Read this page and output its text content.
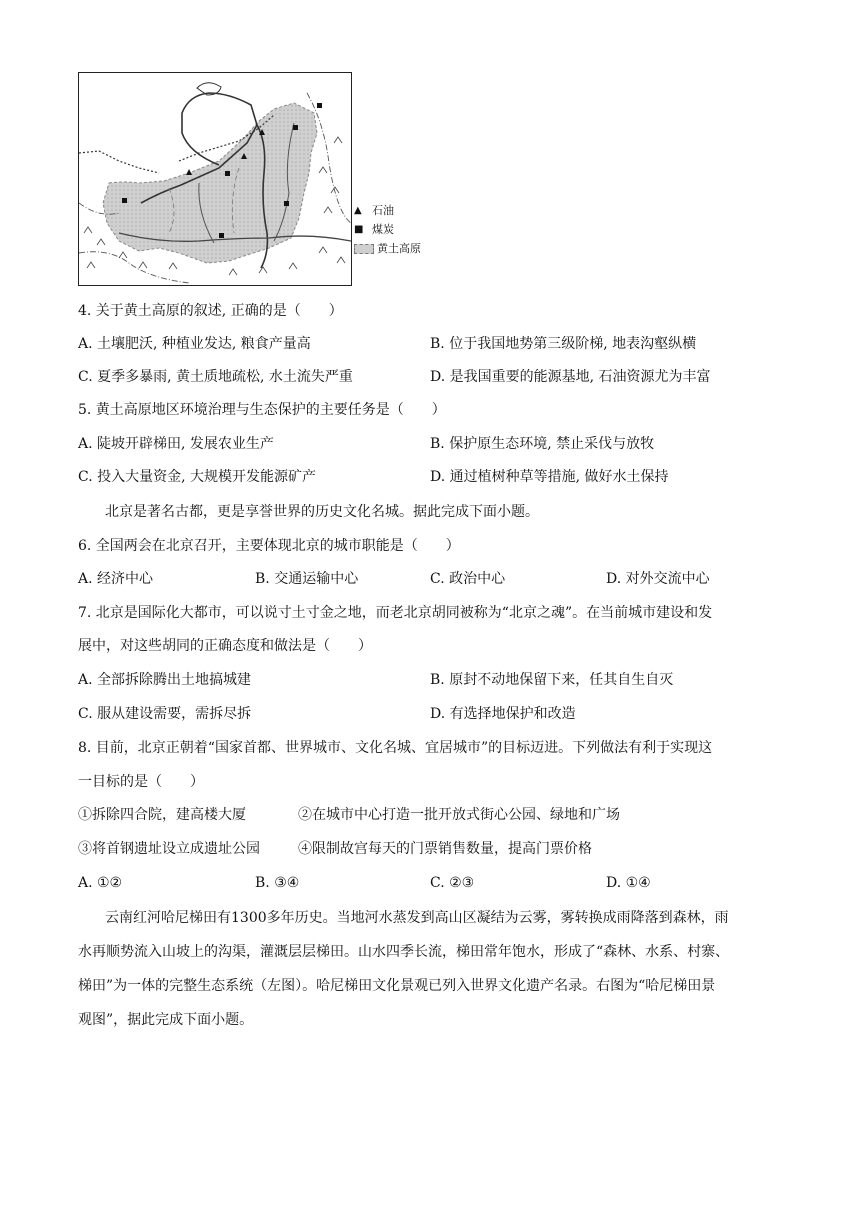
▲ 石油
■ 煤炭
黄土高原
4. 关于黄土高原的叙述, 正确的是（　　）
A. 土壤肥沃, 种植业发达, 粮食产量高	B. 位于我国地势第三级阶梯, 地表沟壑纵横
C. 夏季多暴雨, 黄土质地疏松, 水土流失严重	D. 是我国重要的能源基地, 石油资源尤为丰富
5. 黄土高原地区环境治理与生态保护的主要任务是（　　）
A. 陡坡开辟梯田, 发展农业生产	B. 保护原生态环境, 禁止采伐与放牧
C. 投入大量资金, 大规模开发能源矿产	D. 通过植树种草等措施, 做好水土保持
北京是著名古都，更是享誉世界的历史文化名城。据此完成下面小题。
6. 全国两会在北京召开，主要体现北京的城市职能是（　　）
A. 经济中心	B. 交通运输中心	C. 政治中心	D. 对外交流中心
7. 北京是国际化大都市，可以说寸土寸金之地，而老北京胡同被称为“北京之魂”。在当前城市建设和发
展中，对这些胡同的正确态度和做法是（　　）
A. 全部拆除腾出土地搞城建	B. 原封不动地保留下来，任其自生自灭
C. 服从建设需要，需拆尽拆	D. 有选择地保护和改造
8. 目前，北京正朝着“国家首都、世界城市、文化名城、宜居城市”的目标迈进。下列做法有利于实现这
一目标的是（　　）
①拆除四合院，建高楼大厦	②在城市中心打造一批开放式街心公园、绿地和广场
③将首钢遗址设立成遗址公园	④限制故宫每天的门票销售数量，提高门票价格
A. ①②	B. ③④	C. ②③	D. ①④
云南红河哈尼梯田有1300多年历史。当地河水蒸发到高山区凝结为云雾，雾转换成雨降落到森林，雨
水再顺势流入山坡上的沟渠，灌溉层层梯田。山水四季长流，梯田常年饱水，形成了“森林、水系、村寨、
梯田”为一体的完整生态系统（左图）。哈尼梯田文化景观已列入世界文化遗产名录。右图为“哈尼梯田景
观图”，据此完成下面小题。
